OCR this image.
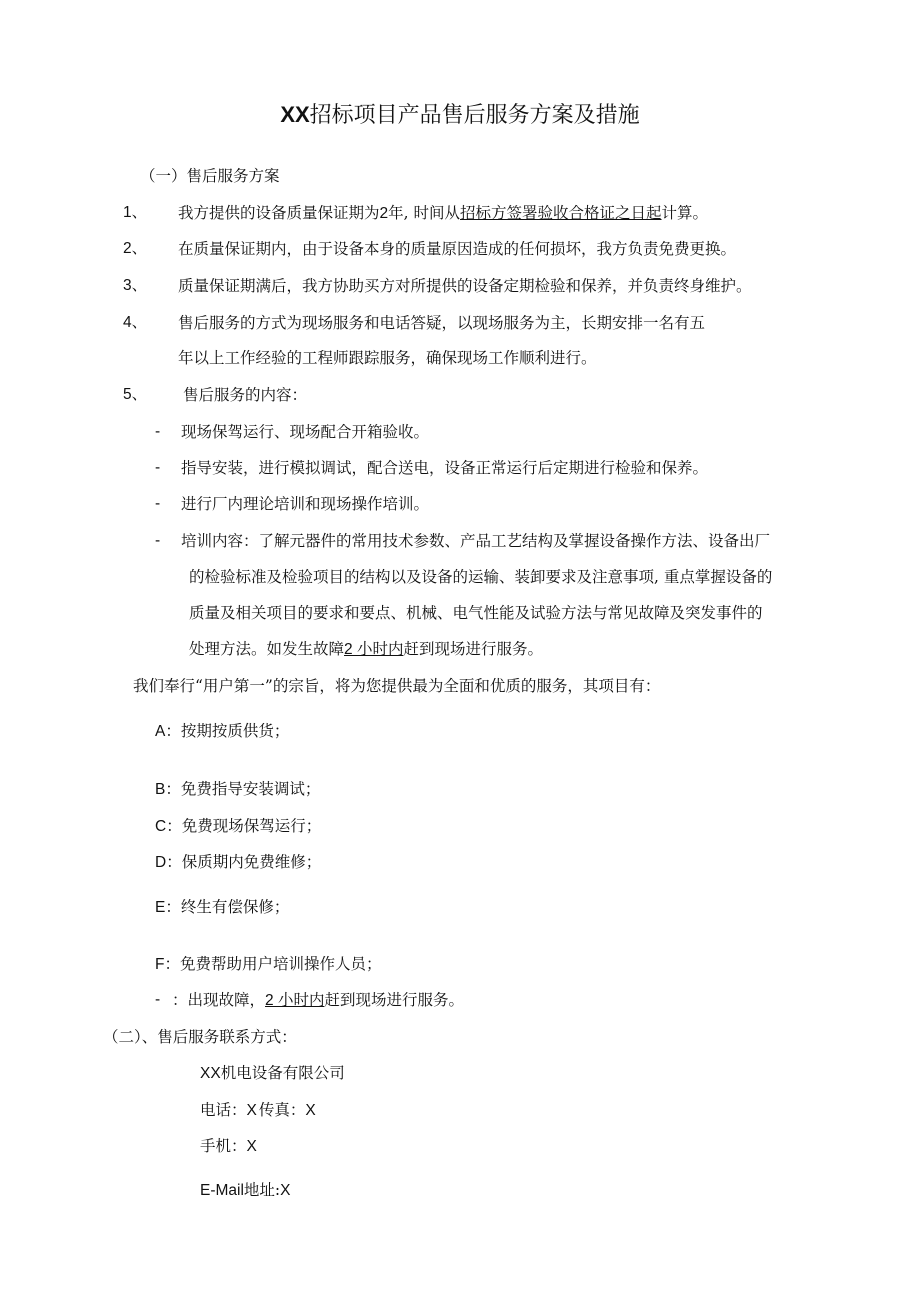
XX招标项目产品售后服务方案及措施
（一）售后服务方案
1、 我方提供的设备质量保证期为2年, 时间从招标方签署验收合格证之日起计算。
2、 在质量保证期内，由于设备本身的质量原因造成的任何损坏，我方负责免费更换。
3、 质量保证期满后，我方协助买方对所提供的设备定期检验和保养，并负责终身维护。
4、 售后服务的方式为现场服务和电话答疑，以现场服务为主，长期安排一名有五
年以上工作经验的工程师跟踪服务，确保现场工作顺利进行。
5、 售后服务的内容：
- 现场保驾运行、现场配合开箱验收。
- 指导安装，进行模拟调试，配合送电，设备正常运行后定期进行检验和保养。
- 进行厂内理论培训和现场操作培训。
- 培训内容：了解元器件的常用技术参数、产品工艺结构及掌握设备操作方法、设备出厂
的检验标准及检验项目的结构以及设备的运输、装卸要求及注意事项, 重点掌握设备的
质量及相关项目的要求和要点、机械、电气性能及试验方法与常见故障及突发事件的
处理方法。如发生故障2 小时内赶到现场进行服务。
我们奉行“用户第一”的宗旨，将为您提供最为全面和优质的服务，其项目有：
A：按期按质供货；
B：免费指导安装调试；
C：免费现场保驾运行；
D：保质期内免费维修；
E：终生有偿保修；
F：免费帮助用户培训操作人员；
- ：出现故障，2 小时内赶到现场进行服务。
（二）、售后服务联系方式：
XX机电设备有限公司
电话：X 传真：X
手机：X
E-Mail地址:X
